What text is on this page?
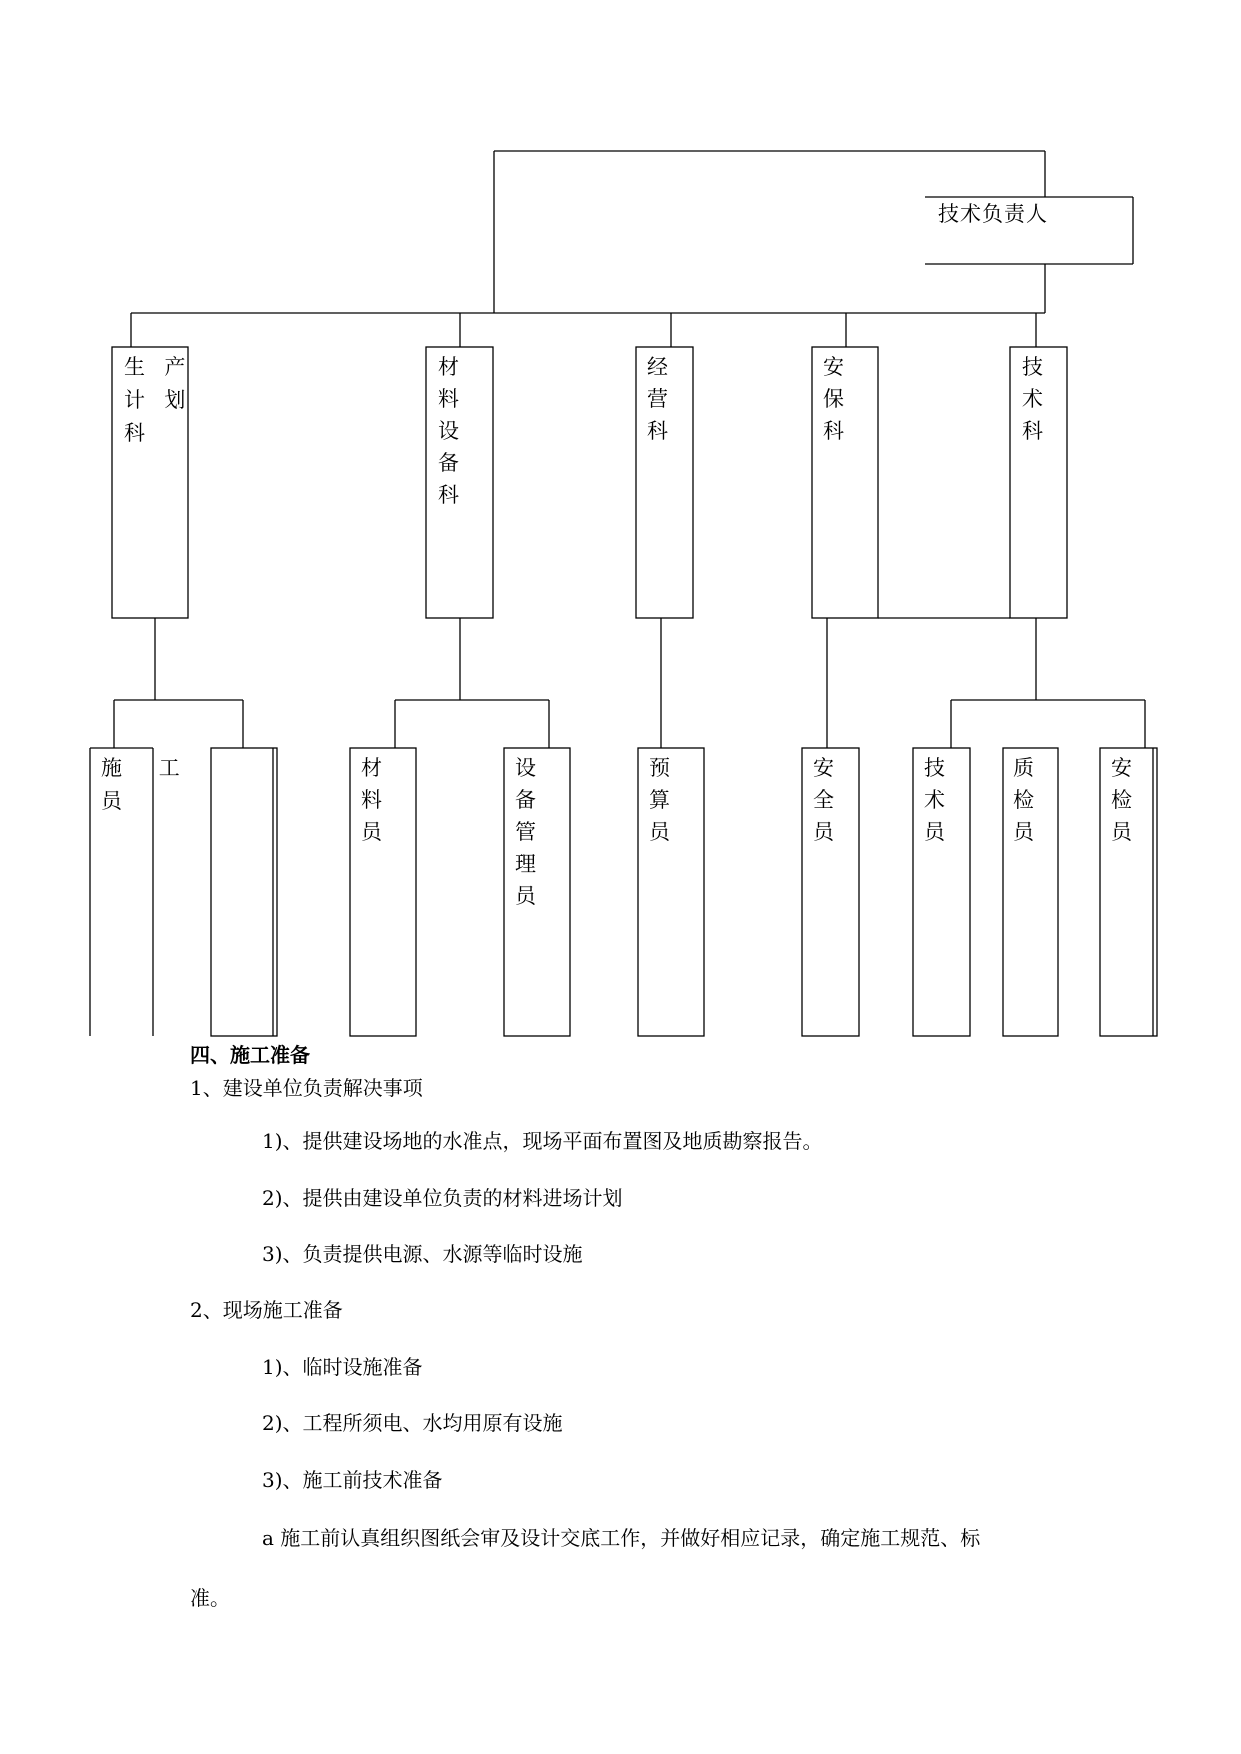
技术负责人
生  产
计  划
科
材料设备科
经营科
安保科
技术科
施    工
员
材料员
设备管理员
预算员
安全员
技术员
质检员
安检员
四、施工准备
1、建设单位负责解决事项
1)、提供建设场地的水准点，现场平面布置图及地质勘察报告。
2)、提供由建设单位负责的材料进场计划
3)、负责提供电源、水源等临时设施
2、现场施工准备
1)、临时设施准备
2)、工程所须电、水均用原有设施
3)、施工前技术准备
a 施工前认真组织图纸会审及设计交底工作，并做好相应记录，确定施工规范、标
准。
